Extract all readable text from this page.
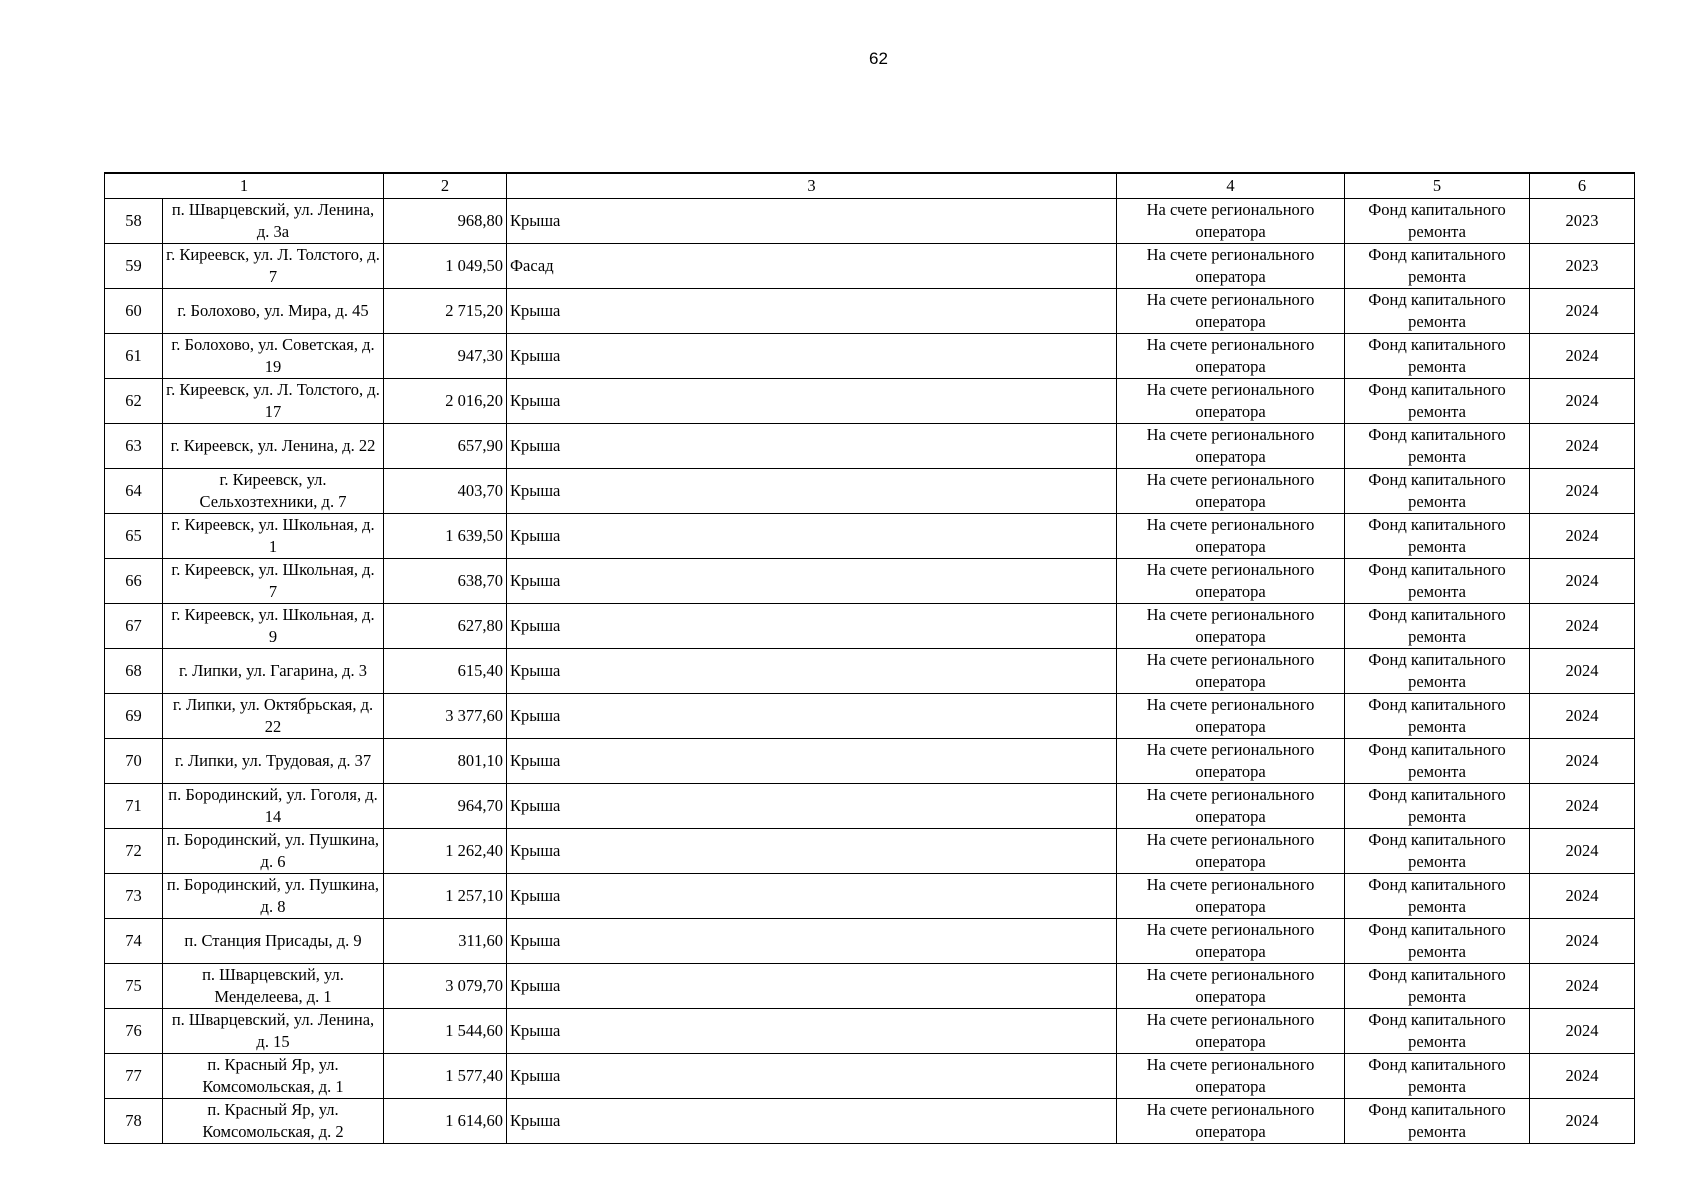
62
1		2	3	4	5	6
58	п. Шварцевский, ул. Ленина, д. 3а	968,80	Крыша	На счете регионального оператора	Фонд капитального ремонта	2023
59	г. Киреевск, ул. Л. Толстого, д. 7	1 049,50	Фасад	На счете регионального оператора	Фонд капитального ремонта	2023
60	г. Болохово, ул. Мира, д. 45	2 715,20	Крыша	На счете регионального оператора	Фонд капитального ремонта	2024
61	г. Болохово, ул. Советская, д. 19	947,30	Крыша	На счете регионального оператора	Фонд капитального ремонта	2024
62	г. Киреевск, ул. Л. Толстого, д. 17	2 016,20	Крыша	На счете регионального оператора	Фонд капитального ремонта	2024
63	г. Киреевск, ул. Ленина, д. 22	657,90	Крыша	На счете регионального оператора	Фонд капитального ремонта	2024
64	г. Киреевск, ул. Сельхозтехники, д. 7	403,70	Крыша	На счете регионального оператора	Фонд капитального ремонта	2024
65	г. Киреевск, ул. Школьная, д. 1	1 639,50	Крыша	На счете регионального оператора	Фонд капитального ремонта	2024
66	г. Киреевск, ул. Школьная, д. 7	638,70	Крыша	На счете регионального оператора	Фонд капитального ремонта	2024
67	г. Киреевск, ул. Школьная, д. 9	627,80	Крыша	На счете регионального оператора	Фонд капитального ремонта	2024
68	г. Липки, ул. Гагарина, д. 3	615,40	Крыша	На счете регионального оператора	Фонд капитального ремонта	2024
69	г. Липки, ул. Октябрьская, д. 22	3 377,60	Крыша	На счете регионального оператора	Фонд капитального ремонта	2024
70	г. Липки, ул. Трудовая, д. 37	801,10	Крыша	На счете регионального оператора	Фонд капитального ремонта	2024
71	п. Бородинский, ул. Гоголя, д. 14	964,70	Крыша	На счете регионального оператора	Фонд капитального ремонта	2024
72	п. Бородинский, ул. Пушкина, д. 6	1 262,40	Крыша	На счете регионального оператора	Фонд капитального ремонта	2024
73	п. Бородинский, ул. Пушкина, д. 8	1 257,10	Крыша	На счете регионального оператора	Фонд капитального ремонта	2024
74	п. Станция Присады, д. 9	311,60	Крыша	На счете регионального оператора	Фонд капитального ремонта	2024
75	п. Шварцевский, ул. Менделеева, д. 1	3 079,70	Крыша	На счете регионального оператора	Фонд капитального ремонта	2024
76	п. Шварцевский, ул. Ленина, д. 15	1 544,60	Крыша	На счете регионального оператора	Фонд капитального ремонта	2024
77	п. Красный Яр, ул. Комсомольская, д. 1	1 577,40	Крыша	На счете регионального оператора	Фонд капитального ремонта	2024
78	п. Красный Яр, ул. Комсомольская, д. 2	1 614,60	Крыша	На счете регионального оператора	Фонд капитального ремонта	2024
